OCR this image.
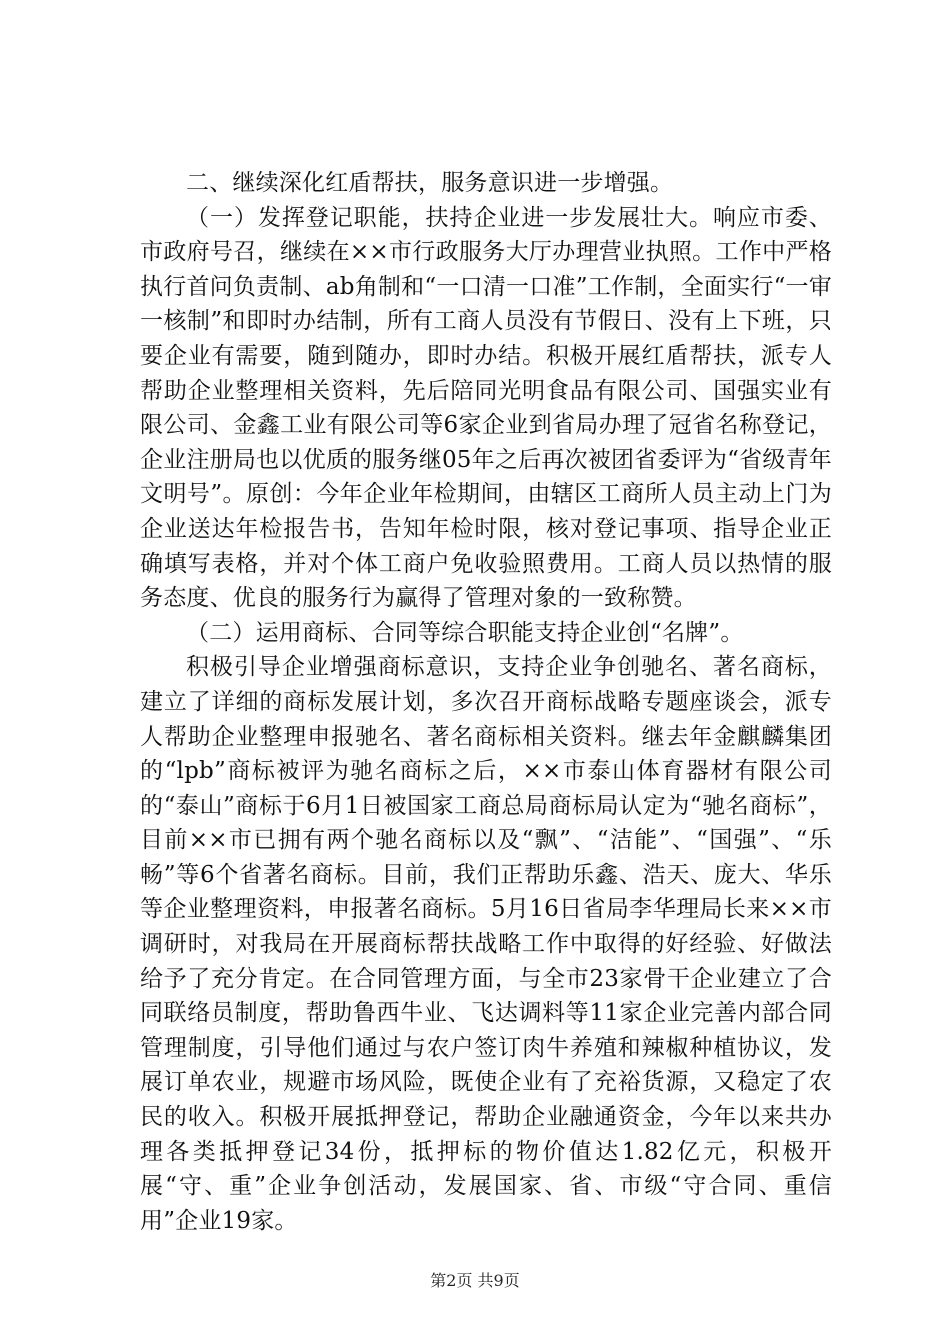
二、继续深化红盾帮扶，服务意识进一步增强。

（一）发挥登记职能，扶持企业进一步发展壮大。响应市委、市政府号召，继续在××市行政服务大厅办理营业执照。工作中严格执行首问负责制、ab角制和“一口清一口准”工作制，全面实行“一审一核制”和即时办结制，所有工商人员没有节假日、没有上下班，只要企业有需要，随到随办，即时办结。积极开展红盾帮扶，派专人帮助企业整理相关资料，先后陪同光明食品有限公司、国强实业有限公司、金鑫工业有限公司等6家企业到省局办理了冠省名称登记，企业注册局也以优质的服务继05年之后再次被团省委评为“省级青年文明号”。原创：今年企业年检期间，由辖区工商所人员主动上门为企业送达年检报告书，告知年检时限，核对登记事项、指导企业正确填写表格，并对个体工商户免收验照费用。工商人员以热情的服务态度、优良的服务行为赢得了管理对象的一致称赞。

（二）运用商标、合同等综合职能支持企业创“名牌”。

积极引导企业增强商标意识，支持企业争创驰名、著名商标，建立了详细的商标发展计划，多次召开商标战略专题座谈会，派专人帮助企业整理申报驰名、著名商标相关资料。继去年金麒麟集团的“lpb”商标被评为驰名商标之后，××市泰山体育器材有限公司的“泰山”商标于6月1日被国家工商总局商标局认定为“驰名商标”，目前××市已拥有两个驰名商标以及“飘”、“洁能”、“国强”、“乐畅”等6个省著名商标。目前，我们正帮助乐鑫、浩天、庞大、华乐等企业整理资料，申报著名商标。5月16日省局李华理局长来××市调研时，对我局在开展商标帮扶战略工作中取得的好经验、好做法给予了充分肯定。在合同管理方面，与全市23家骨干企业建立了合同联络员制度，帮助鲁西牛业、飞达调料等11家企业完善内部合同管理制度，引导他们通过与农户签订肉牛养殖和辣椒种植协议，发展订单农业，规避市场风险，既使企业有了充裕货源，又稳定了农民的收入。积极开展抵押登记，帮助企业融通资金，今年以来共办理各类抵押登记34份，抵押标的物价值达1.82亿元，积极开展“守、重”企业争创活动，发展国家、省、市级“守合同、重信用”企业19家。

第2页 共9页
